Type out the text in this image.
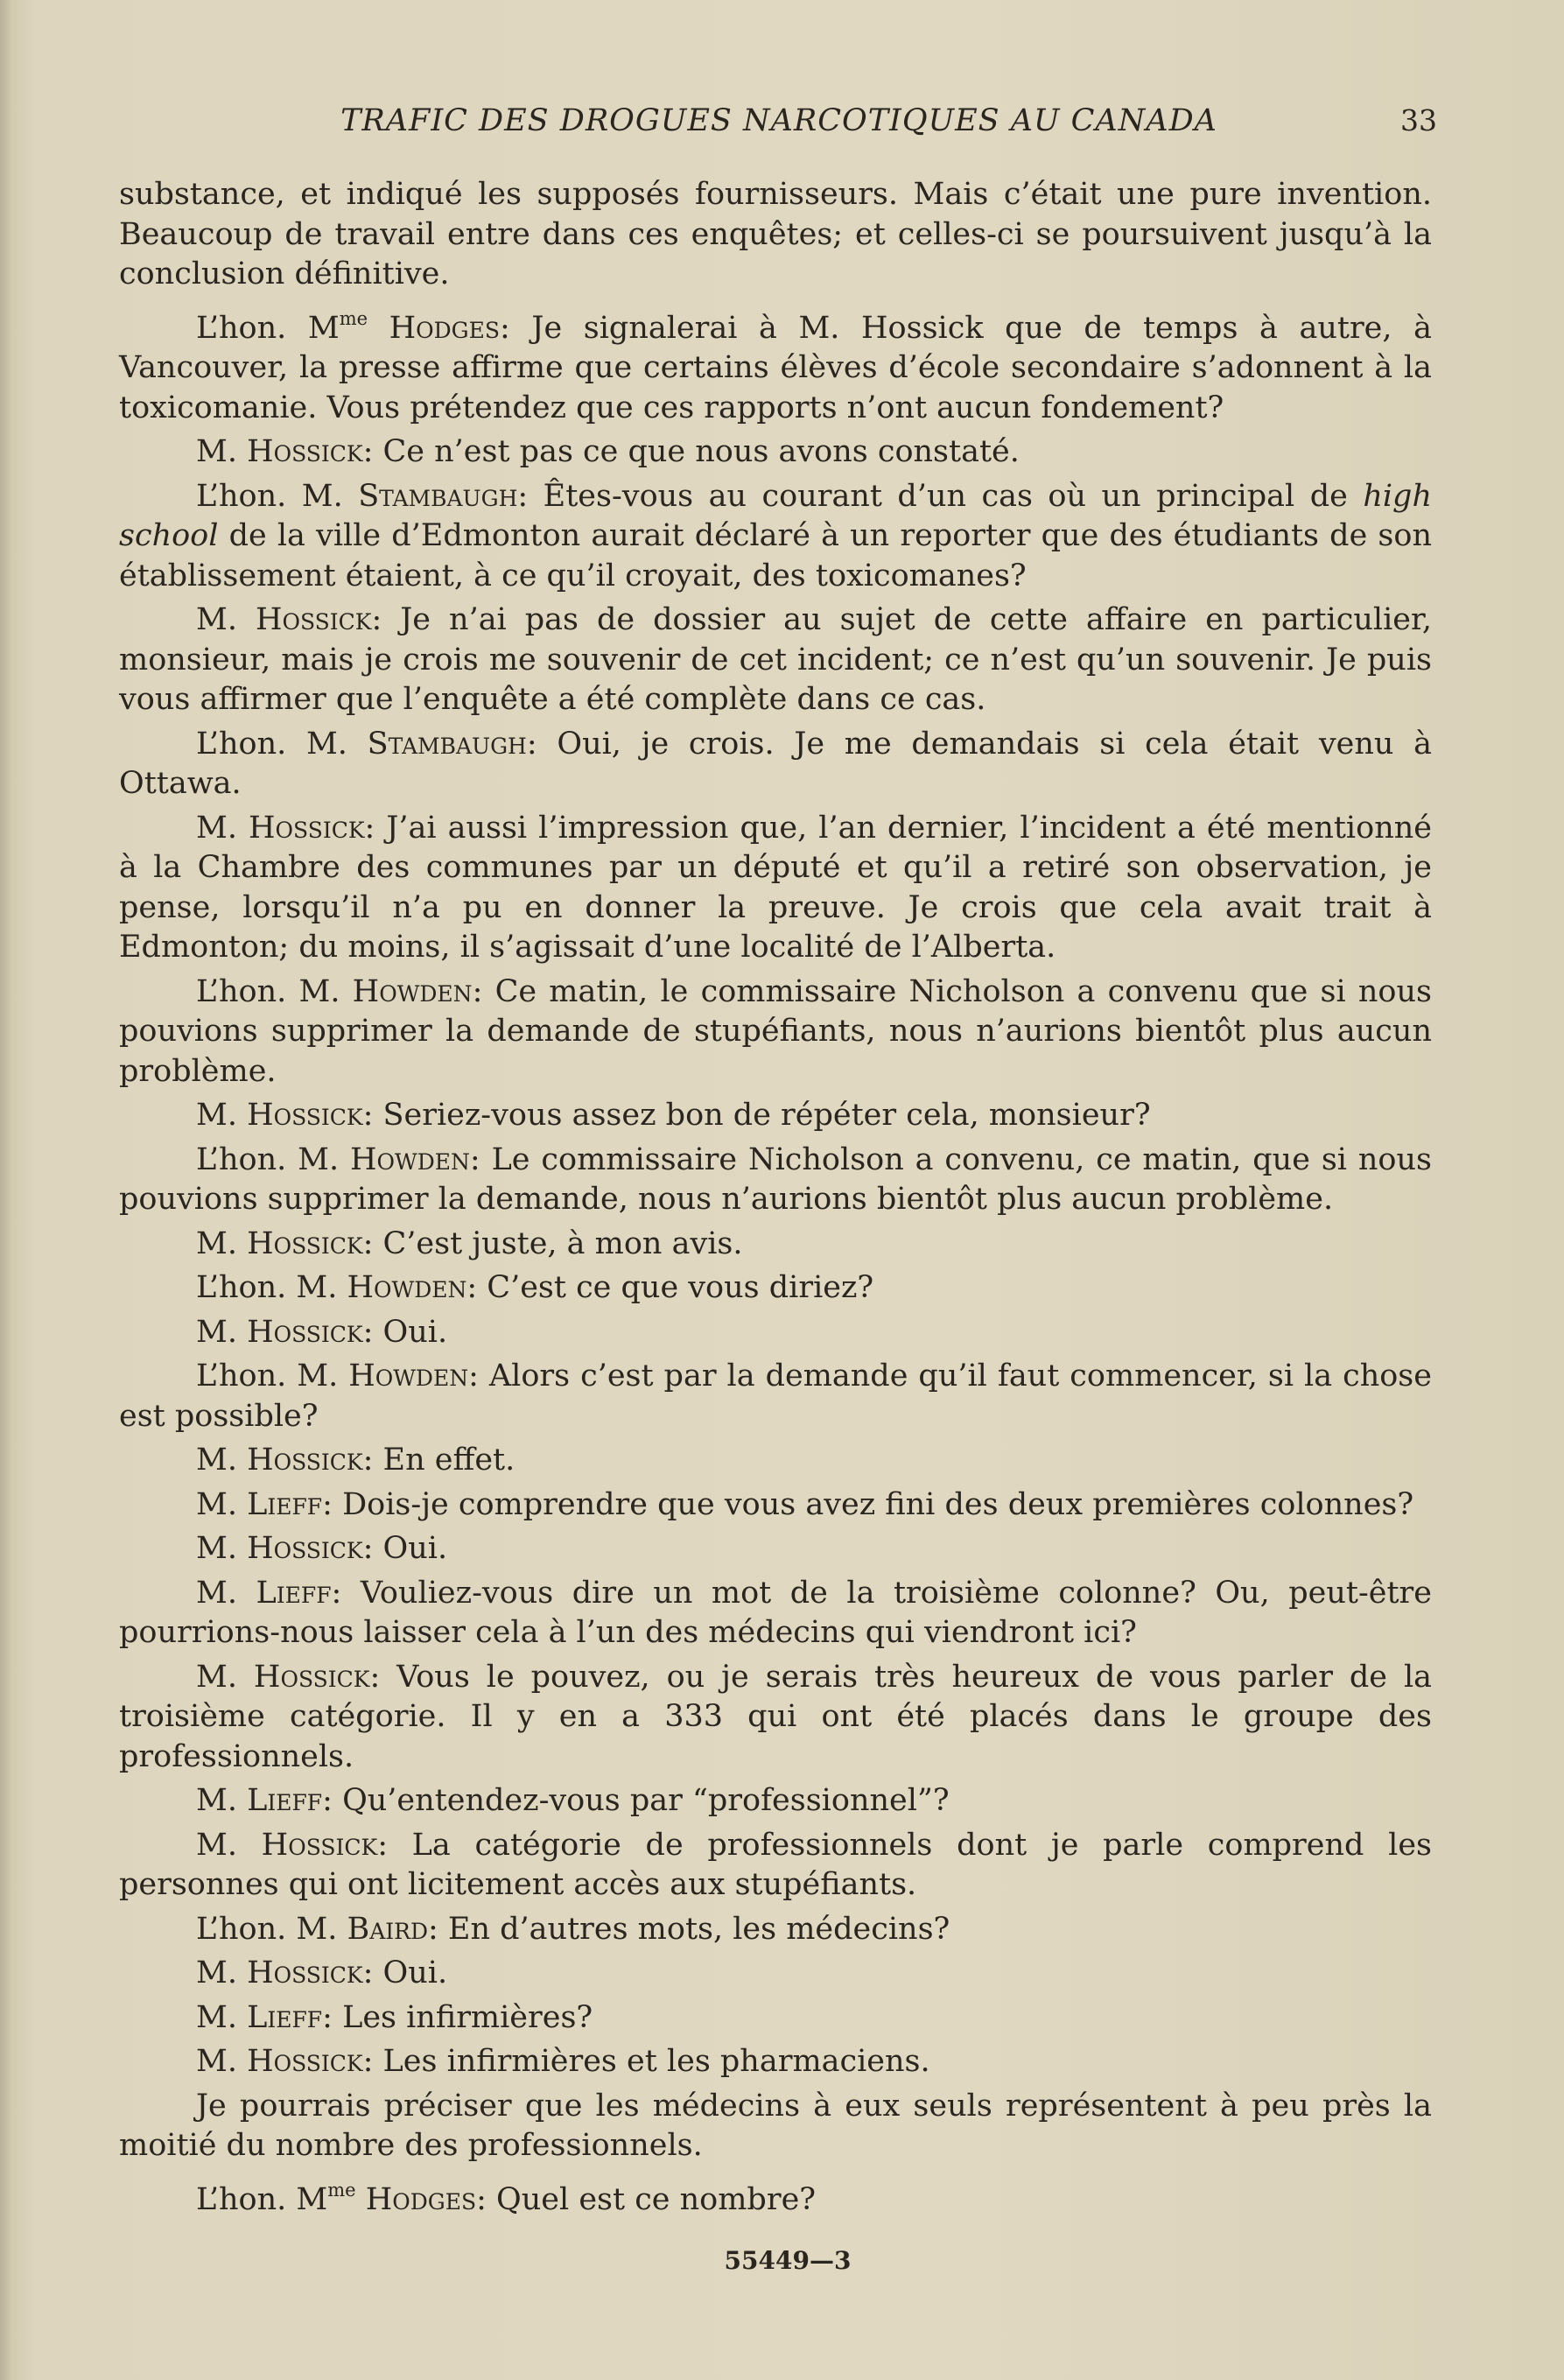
TRAFIC DES DROGUES NARCOTIQUES AU CANADA	33

substance, et indiqué les supposés fournisseurs. Mais c’était une pure invention. Beaucoup de travail entre dans ces enquêtes; et celles-ci se poursuivent jusqu’à la conclusion définitive.

L’hon. $M^{me}$ Hodges: Je signalerai à M. Hossick que de temps à autre, à Vancouver, la presse affirme que certains élèves d’école secondaire s’adonnent à la toxicomanie. Vous prétendez que ces rapports n’ont aucun fondement?

M. Hossick: Ce n’est pas ce que nous avons constaté.

L’hon. M. Stambaugh: Êtes-vous au courant d’un cas où un principal de high school de la ville d’Edmonton aurait déclaré à un reporter que des étudiants de son établissement étaient, à ce qu’il croyait, des toxicomanes?

M. Hossick: Je n’ai pas de dossier au sujet de cette affaire en particulier, monsieur, mais je crois me souvenir de cet incident; ce n’est qu’un souvenir. Je puis vous affirmer que l’enquête a été complète dans ce cas.

L’hon. M. Stambaugh: Oui, je crois. Je me demandais si cela était venu à Ottawa.

M. Hossick: J’ai aussi l’impression que, l’an dernier, l’incident a été mentionné à la Chambre des communes par un député et qu’il a retiré son observation, je pense, lorsqu’il n’a pu en donner la preuve. Je crois que cela avait trait à Edmonton; du moins, il s’agissait d’une localité de l’Alberta.

L’hon. M. Howden: Ce matin, le commissaire Nicholson a convenu que si nous pouvions supprimer la demande de stupéfiants, nous n’aurions bientôt plus aucun problème.

M. Hossick: Seriez-vous assez bon de répéter cela, monsieur?

L’hon. M. Howden: Le commissaire Nicholson a convenu, ce matin, que si nous pouvions supprimer la demande, nous n’aurions bientôt plus aucun problème.

M. Hossick: C’est juste, à mon avis.

L’hon. M. Howden: C’est ce que vous diriez?

M. Hossick: Oui.

L’hon. M. Howden: Alors c’est par la demande qu’il faut commencer, si la chose est possible?

M. Hossick: En effet.

M. Lieff: Dois-je comprendre que vous avez fini des deux premières colonnes?

M. Hossick: Oui.

M. Lieff: Vouliez-vous dire un mot de la troisième colonne? Ou, peut-être pourrions-nous laisser cela à l’un des médecins qui viendront ici?

M. Hossick: Vous le pouvez, ou je serais très heureux de vous parler de la troisième catégorie. Il y en a 333 qui ont été placés dans le groupe des professionnels.

M. Lieff: Qu’entendez-vous par “professionnel”?

M. Hossick: La catégorie de professionnels dont je parle comprend les personnes qui ont licitement accès aux stupéfiants.

L’hon. M. Baird: En d’autres mots, les médecins?

M. Hossick: Oui.

M. Lieff: Les infirmières?

M. Hossick: Les infirmières et les pharmaciens.

Je pourrais préciser que les médecins à eux seuls représentent à peu près la moitié du nombre des professionnels.

L’hon. $M^{me}$ Hodges: Quel est ce nombre?

55449—3
